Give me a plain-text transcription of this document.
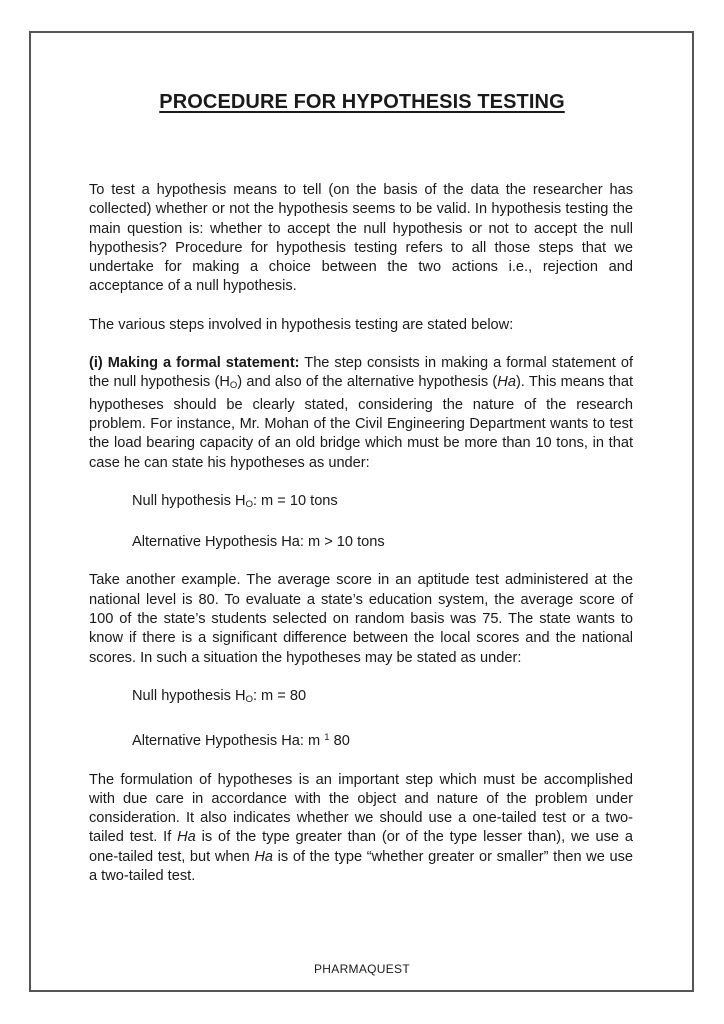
PROCEDURE FOR HYPOTHESIS TESTING

To test a hypothesis means to tell (on the basis of the data the researcher has collected) whether or not the hypothesis seems to be valid. In hypothesis testing the main question is: whether to accept the null hypothesis or not to accept the null hypothesis? Procedure for hypothesis testing refers to all those steps that we undertake for making a choice between the two actions i.e., rejection and acceptance of a null hypothesis.

The various steps involved in hypothesis testing are stated below:

(i) Making a formal statement: The step consists in making a formal statement of the null hypothesis $(H_O)$ and also of the alternative hypothesis (Ha). This means that hypotheses should be clearly stated, considering the nature of the research problem. For instance, Mr. Mohan of the Civil Engineering Department wants to test the load bearing capacity of an old bridge which must be more than 10 tons, in that case he can state his hypotheses as under:

Null hypothesis $H_O$: m = 10 tons

Alternative Hypothesis Ha: m > 10 tons

Take another example. The average score in an aptitude test administered at the national level is 80. To evaluate a state’s education system, the average score of 100 of the state’s students selected on random basis was 75. The state wants to know if there is a significant difference between the local scores and the national scores. In such a situation the hypotheses may be stated as under:

Null hypothesis $H_O$: m = 80

Alternative Hypothesis Ha: m $^1$ 80

The formulation of hypotheses is an important step which must be accomplished with due care in accordance with the object and nature of the problem under consideration. It also indicates whether we should use a one-tailed test or a two-tailed test. If Ha is of the type greater than (or of the type lesser than), we use a one-tailed test, but when Ha is of the type “whether greater or smaller” then we use a two-tailed test.

PHARMAQUEST
